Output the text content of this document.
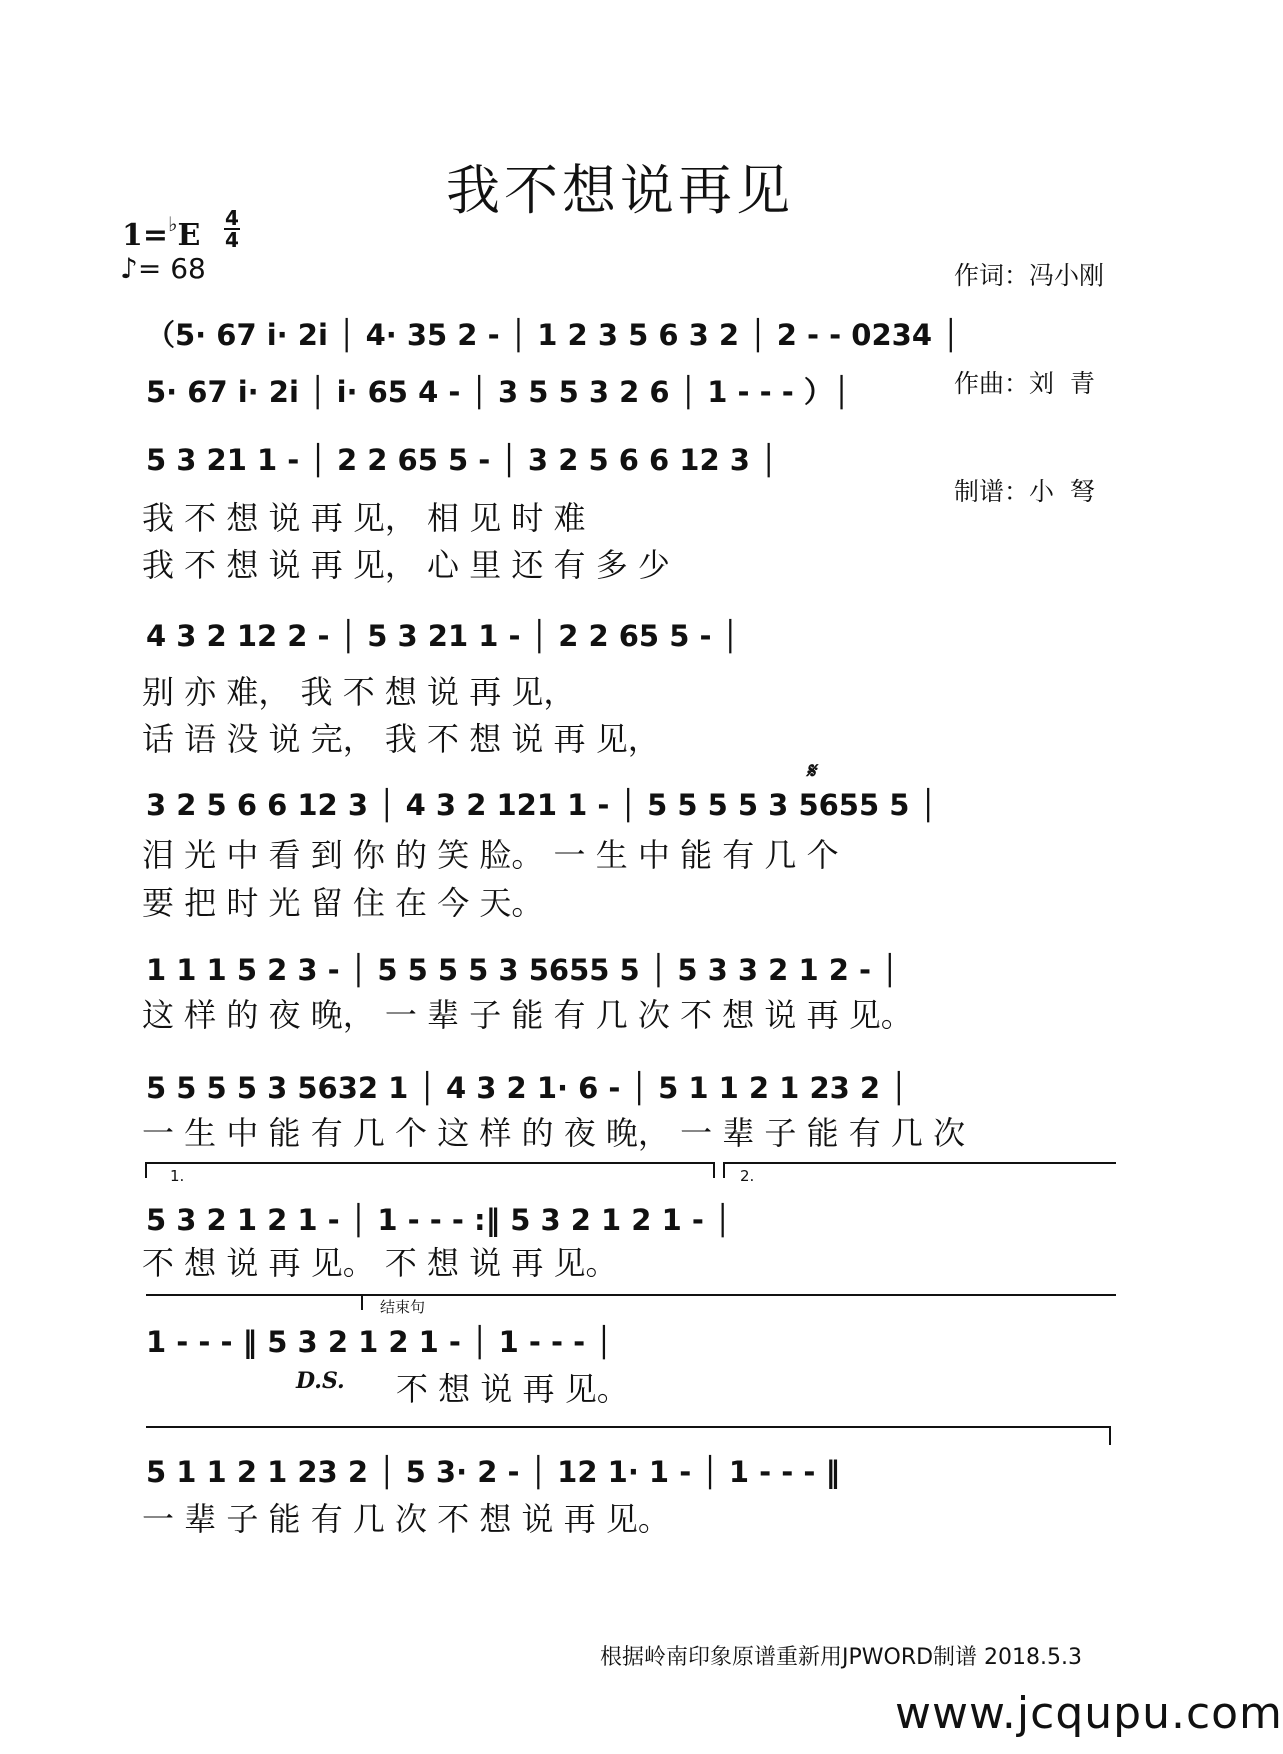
我不想说再见

作词：冯小刚

作曲：刘  青

制谱：小  弩

1=♭E 4
4
♪= 68
（5· 67 i· 2i │ 4· 35 2 - │ 1 2 3 5 6 3 2 │ 2 - - 0234 │
5· 67 i· 2i │ i· 65 4 - │ 3 5 5 3 2 6 │ 1 - - - ）│
5 3 21 1 - │ 2 2 65 5 - │ 3 2 5 6 6 12 3 │
我 不 想 说 再 见， 相 见 时 难
我 不 想 说 再 见， 心 里 还 有 多 少
4 3 2 12 2 - │ 5 3 21 1 - │ 2 2 65 5 - │
别 亦 难， 我 不 想 说 再 见，
话 语 没 说 完， 我 不 想 说 再 见，
3 2 5 6 6 12 3 │ 4 3 2 121 1 - │ 5 5 5 5 3 5655 5 │
𝄋
泪 光 中 看 到 你 的 笑 脸。 一 生 中 能 有 几 个
要 把 时 光 留 住 在 今 天。
1 1 1 5 2 3 - │ 5 5 5 5 3 5655 5 │ 5 3 3 2 1 2 - │
这 样 的 夜 晚， 一 辈 子 能 有 几 次 不 想 说 再 见。
5 5 5 5 3 5632 1 │ 4 3 2 1· 6 - │ 5 1 1 2 1 23 2 │
一 生 中 能 有 几 个 这 样 的 夜 晚， 一 辈 子 能 有 几 次
1.	2.
5 3 2 1 2 1 - │ 1 - - - :‖ 5 3 2 1 2 1 - │
不 想 说 再 见。 不 想 说 再 见。
结束句
1 - - - ‖ 5 3 2 1 2 1 - │ 1 - - - │
D.S. 不 想 说 再 见。
5 1 1 2 1 23 2 │ 5 3· 2 - │ 12 1· 1 - │ 1 - - - ‖
一 辈 子 能 有 几 次 不 想 说 再 见。
根据岭南印象原谱重新用JPWORD制谱 2018.5.3
www.jcqupu.com
